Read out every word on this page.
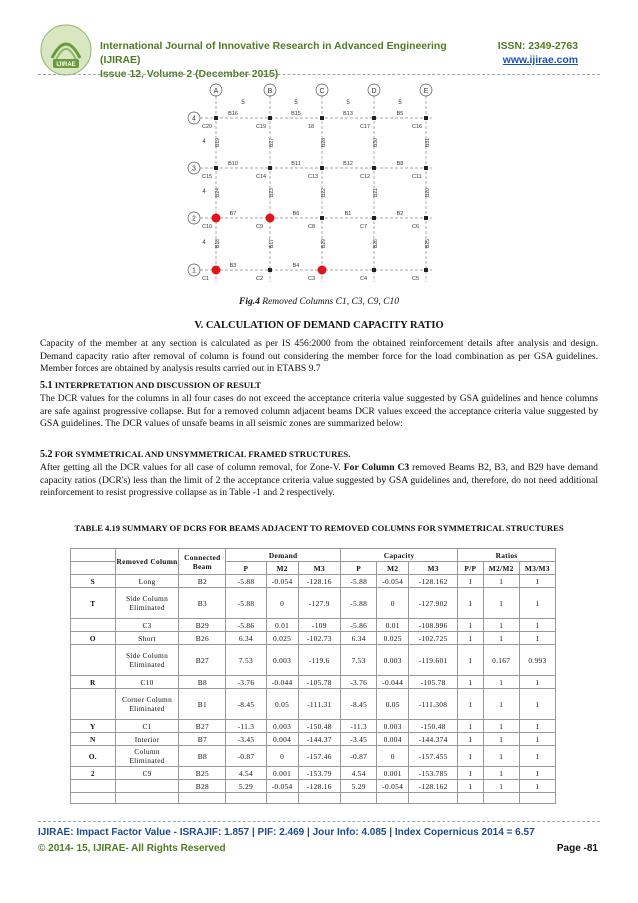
IJIRAE
International Journal of Innovative Research in Advanced Engineering (IJIRAE)
Issue 12, Volume 2 (December 2015)
ISSN: 2349-2763
www.ijirae.com
A	B	C	D	E
5	5	5	5
1
2
3
4
4
4
4
C20	C19	18	C17	C16
C15	C14	C13	C12	C11
C10	C9	C8	C7	C6
C1	C2	C3	C4	C5
B16	B15	B13	B5
B10	B11	B12	B8
B7	B6	B1	B2
B3	B4
B18	B17	B29	B26	B25
B24	B23	B22	B21	B20
B19	B27	B28	B30	B31
Fig.4 Removed Columns C1, C3, C9, C10
V. CALCULATION OF DEMAND CAPACITY RATIO
Capacity of the member at any section is calculated as per IS 456:2000 from the obtained reinforcement details after analysis and design. Demand capacity ratio after removal of column is found out considering the member force for the load combination as per GSA guidelines. Member forces are obtained by analysis results carried out in ETABS 9.7
5.1 INTERPRETATION AND DISCUSSION OF RESULT
The DCR values for the columns in all four cases do not exceed the acceptance criteria value suggested by GSA guidelines and hence columns are safe against progressive collapse. But for a removed column adjacent beams DCR values exceed the acceptance criteria value suggested by GSA guidelines. The DCR values of unsafe beams in all seismic zones are summarized below:
5.2 FOR SYMMETRICAL AND UNSYMMETRICAL FRAMED STRUCTURES.
After getting all the DCR values for all case of column removal, for Zone-V. For Column C3 removed Beams B2, B3, and B29 have demand capacity ratios (DCR's) less than the limit of 2 the acceptance criteria value suggested by GSA guidelines and, therefore, do not need additional reinforcement to resist progressive collapse as in Table -1 and 2 respectively.
TABLE 4.19 SUMMARY OF DCRS FOR BEAMS ADJACENT TO REMOVED COLUMNS FOR SYMMETRICAL STRUCTURES
	Removed Column	Connected Beam	Demand			Capacity			Ratios		
			P	M2	M3	P	M2	M3	P/P	M2/M2	M3/M3
S	Long	B2	-5.88	-0.054	-128.16	-5.88	-0.054	-128.162	1	1	1
T	Side Column Eliminated	B3	-5.88	0	-127.9	-5.88	0	-127.902	1	1	1
	C3	B29	-5.86	0.01	-109	-5.86	0.01	-108.996	1	1	1
O	Short	B26	6.34	0.025	-102.73	6.34	0.025	-102.725	1	1	1
	Side Column Eliminated	B27	7.53	0.003	-119.6	7.53	0.003	-119.601	1	0.167	0.993
R	C10	B8	-3.76	-0.044	-105.78	-3.76	-0.044	-105.78	1	1	1
	Corner Column Eliminated	B1	-8.45	0.05	-111.31	-8.45	0.05	-111.308	1	1	1
Y	C1	B27	-11.3	0.003	-150.48	-11.3	0.003	-150.48	1	1	1
N	Interior	B7	-3.45	0.004	-144.37	-3.45	0.004	-144.374	1	1	1
O.	Column Eliminated	B8	-0.87	0	-157.46	-0.87	0	-157.455	1	1	1
2	C9	B25	4.54	0.001	-153.79	4.54	0.001	-153.785	1	1	1
		B28	5.29	-0.054	-128.16	5.29	-0.054	-128.162	1	1	1

IJIRAE: Impact Factor Value - ISRAJIF: 1.857 | PIF: 2.469 | Jour Info: 4.085 | Index Copernicus 2014 = 6.57
© 2014- 15, IJIRAE- All Rights Reserved	Page -81
